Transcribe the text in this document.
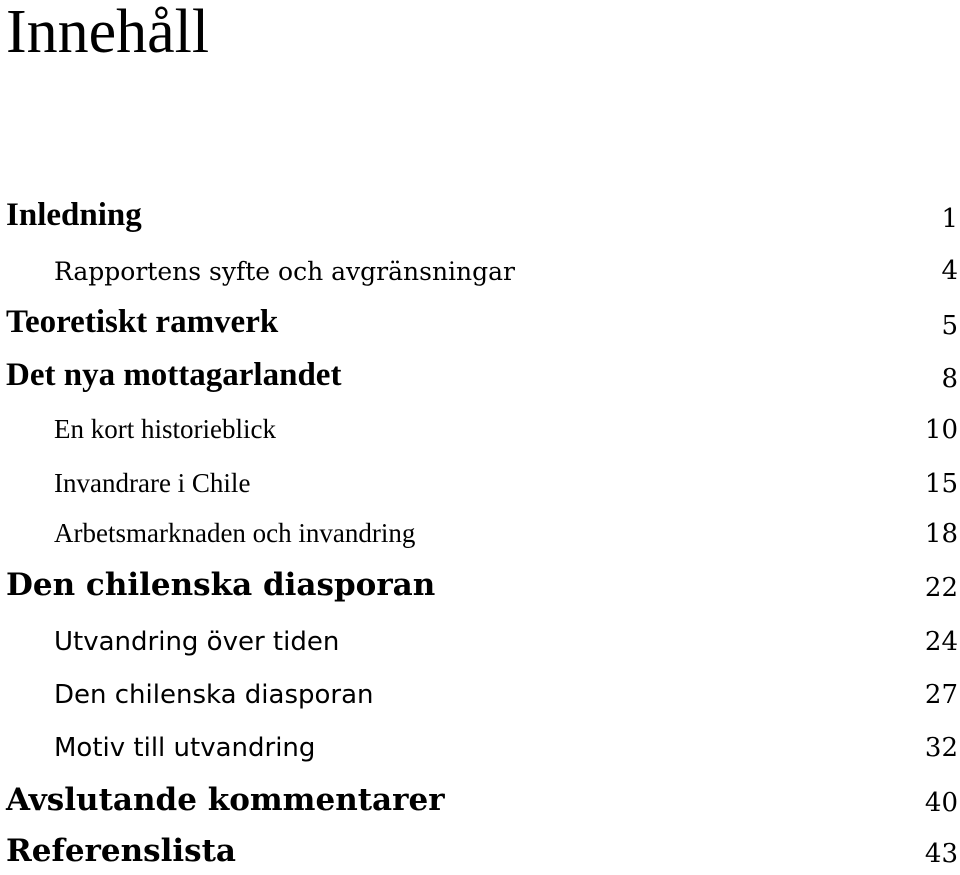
Innehåll
Inledning	1
Rapportens syfte och avgränsningar	4
Teoretiskt ramverk	5
Det nya mottagarlandet	8
En kort historieblick	10
Invandrare i Chile	15
Arbetsmarknaden och invandring	18
Den chilenska diasporan	22
Utvandring över tiden	24
Den chilenska diasporan	27
Motiv till utvandring	32
Avslutande kommentarer	40
Referenslista	43
